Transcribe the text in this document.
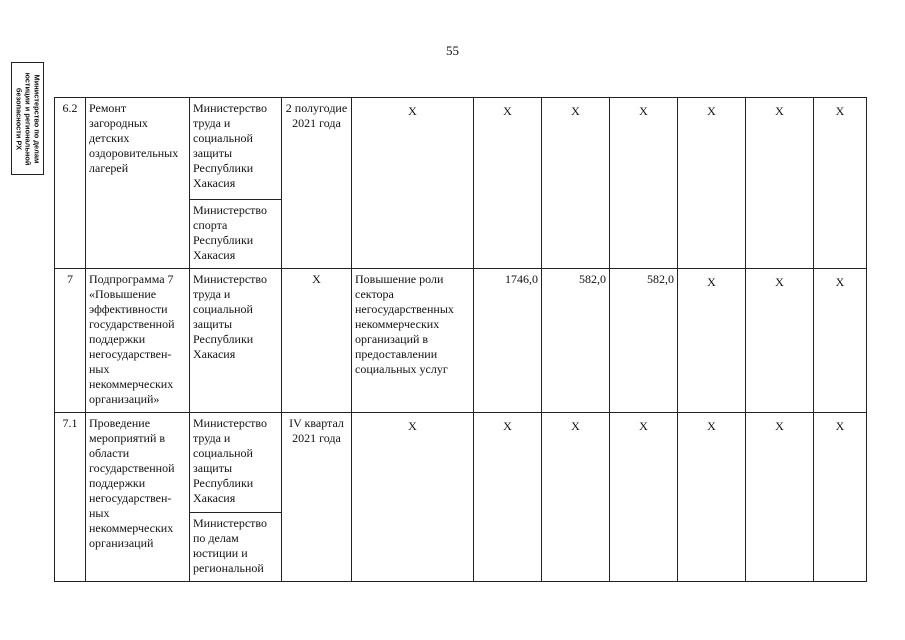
55
Министерство по делам
юстиции и региональной
безопасности РХ	6.2	Ремонт загородных детских оздоровительных лагерей	Министерство труда и социальной защиты Республики Хакасия	2 полугодие 2021 года	Х	Х	Х	Х	Х	Х	Х
		Министерство спорта Республики Хакасия								
7	Подпрограмма 7 «Повышение эффективности государственной поддержки негосударствен-ных некоммерческих организаций»	Министерство труда и социальной защиты Республики Хакасия	Х	Повышение роли сектора негосударственных некоммерческих организаций в предоставлении социальных услуг	1746,0	582,0	582,0	Х	Х	Х
7.1	Проведение мероприятий в области государственной поддержки негосударствен-ных некоммерческих организаций	Министерство труда и социальной защиты Республики Хакасия	IV квартал 2021 года	Х	Х	Х	Х	Х	Х	Х
		Министерство по делам юстиции и региональной								
